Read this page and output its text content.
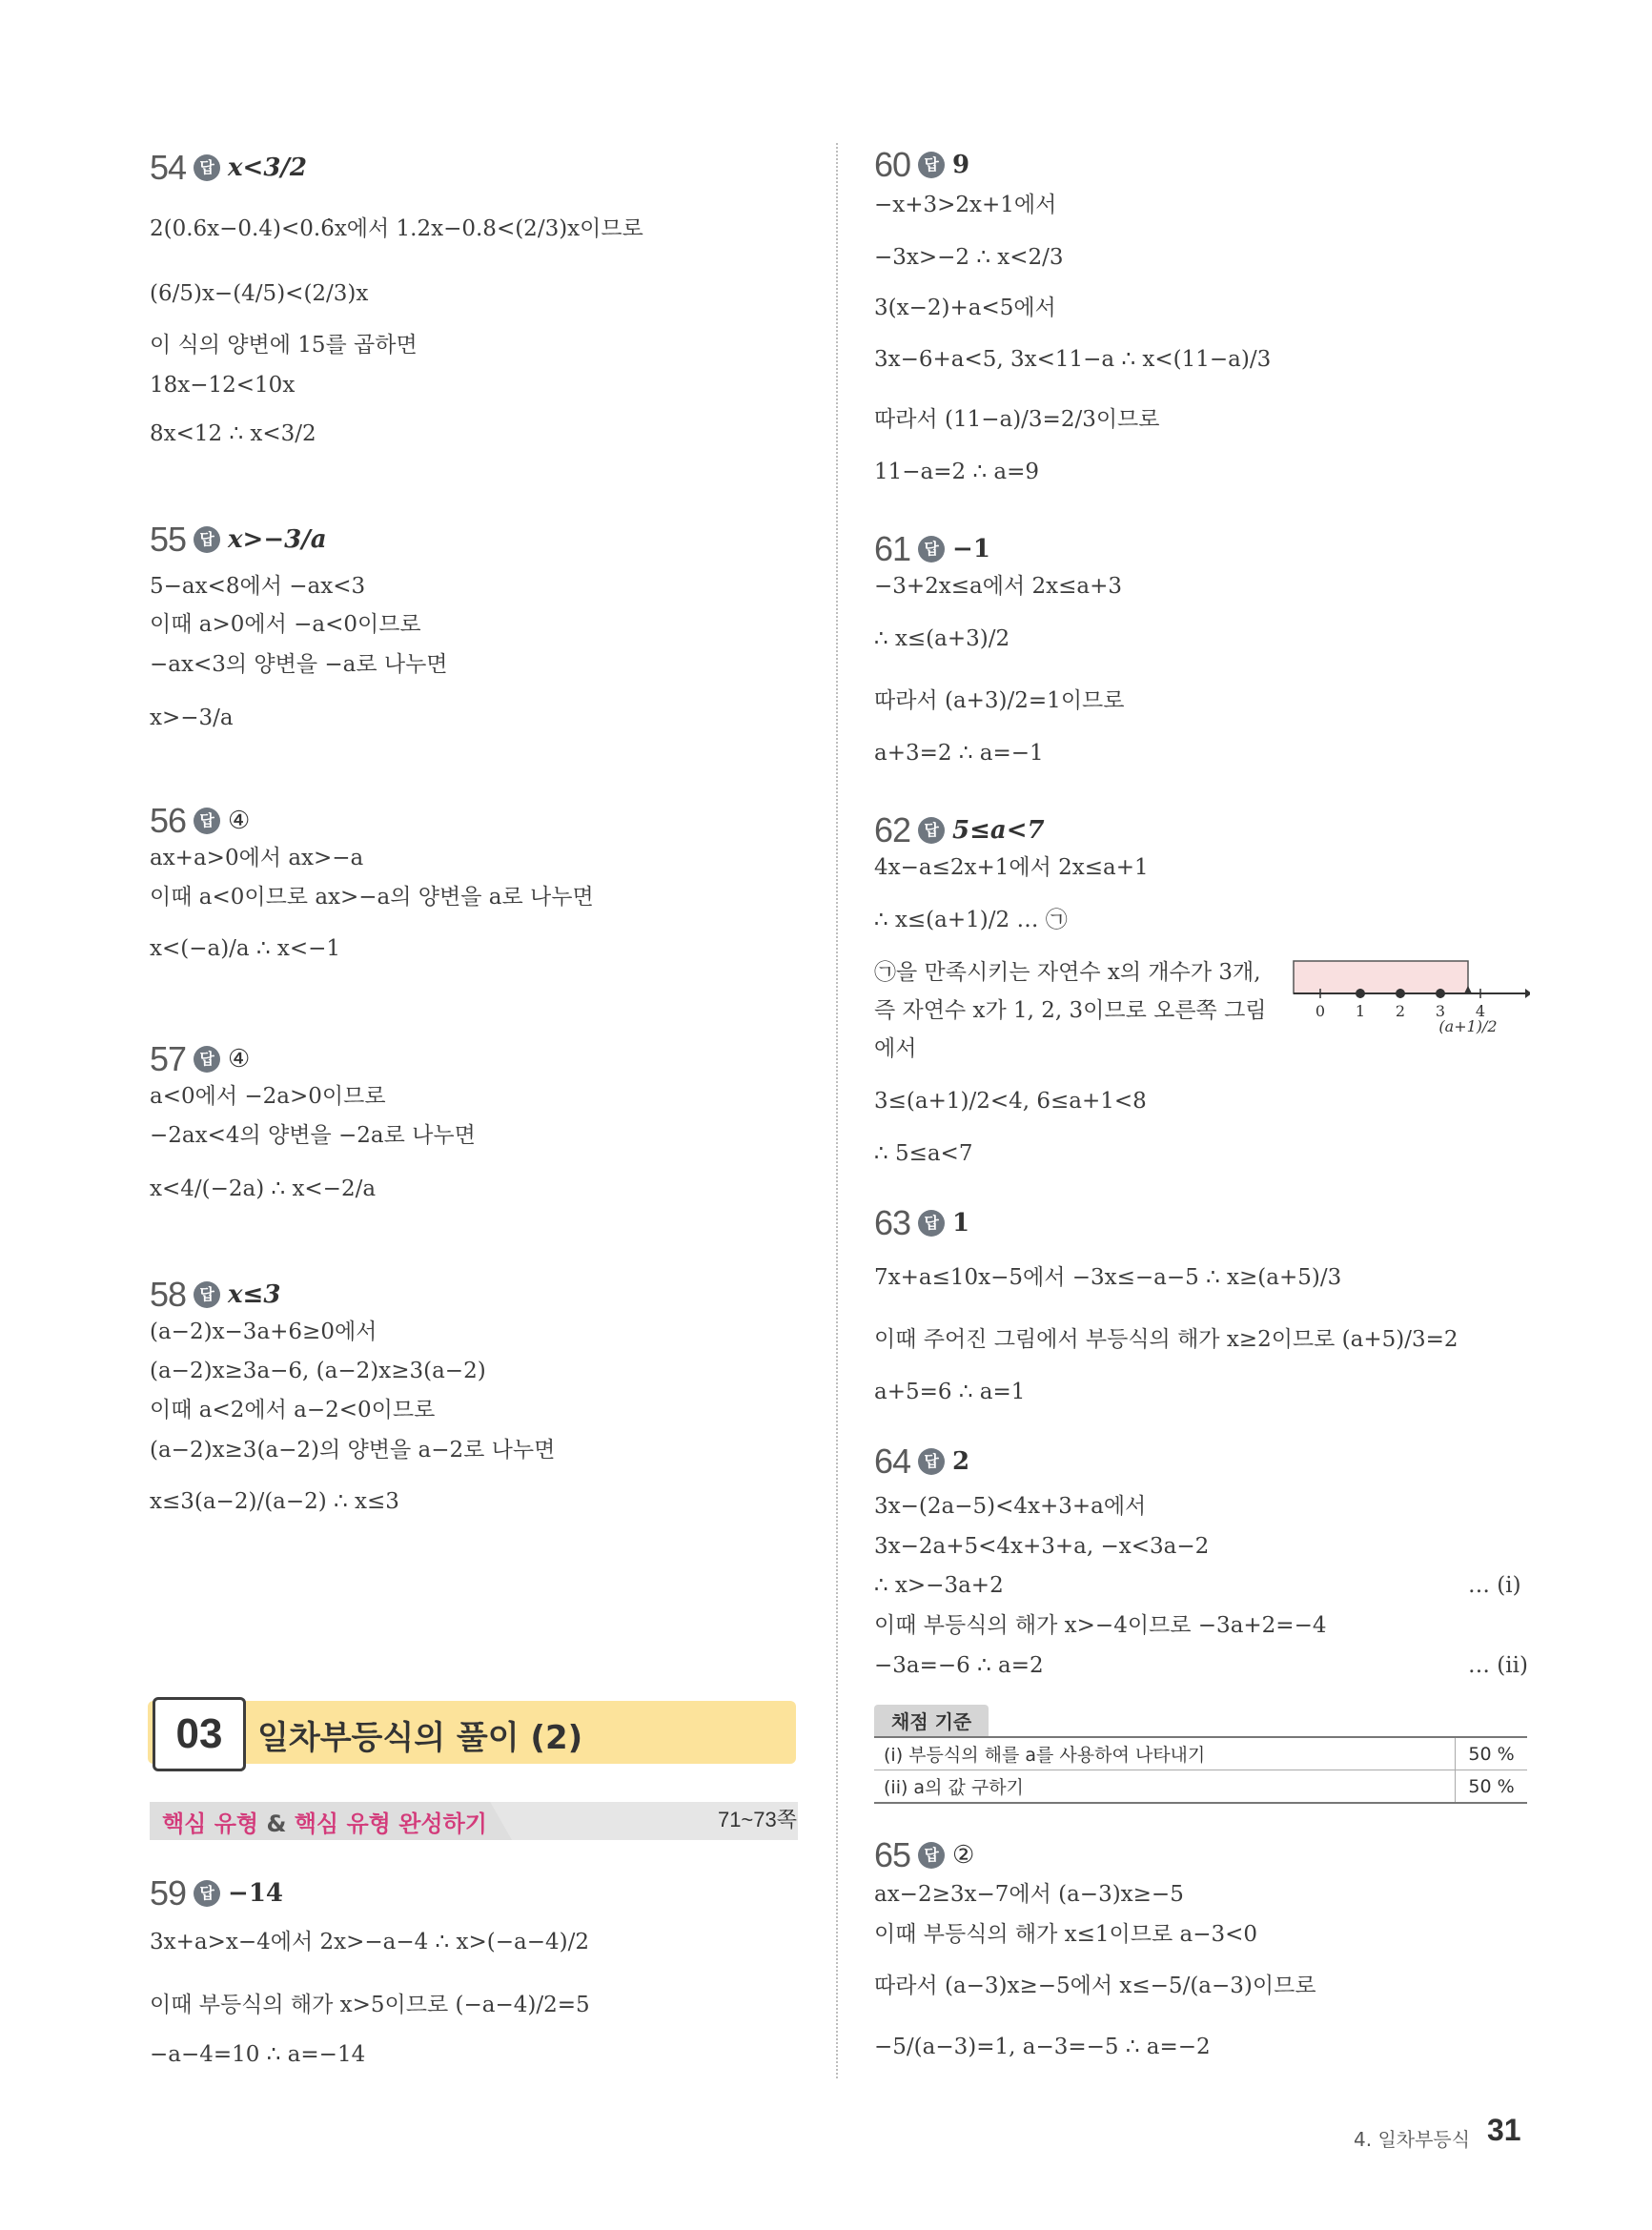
54 답 x<3/2
2(0.6x−0.4)<0.6̇x에서 1.2x−0.8<(2/3)x이므로
(6/5)x−(4/5)<(2/3)x
이 식의 양변에 15를 곱하면
18x−12<10x
8x<12 ∴ x<3/2
55 답 x>−3/a
5−ax<8에서 −ax<3
이때 a>0에서 −a<0이므로
−ax<3의 양변을 −a로 나누면
x>−3/a
56 답 ④
ax+a>0에서 ax>−a
이때 a<0이므로 ax>−a의 양변을 a로 나누면
x<(−a)/a ∴ x<−1
57 답 ④
a<0에서 −2a>0이므로
−2ax<4의 양변을 −2a로 나누면
x<4/(−2a) ∴ x<−2/a
58 답 x≤3
(a−2)x−3a+6≥0에서
(a−2)x≥3a−6, (a−2)x≥3(a−2)
이때 a<2에서 a−2<0이므로
(a−2)x≥3(a−2)의 양변을 a−2로 나누면
x≤3(a−2)/(a−2) ∴ x≤3
03	일차부등식의 풀이 (2)
핵심 유형 & 핵심 유형 완성하기	71~73쪽
59 답 −14
3x+a>x−4에서 2x>−a−4 ∴ x>(−a−4)/2
이때 부등식의 해가 x>5이므로 (−a−4)/2=5
−a−4=10 ∴ a=−14
60 답 9
−x+3>2x+1에서
−3x>−2 ∴ x<2/3
3(x−2)+a<5에서
3x−6+a<5, 3x<11−a ∴ x<(11−a)/3
따라서 (11−a)/3=2/3이므로
11−a=2 ∴ a=9
61 답 −1
−3+2x≤a에서 2x≤a+3
∴ x≤(a+3)/2
따라서 (a+3)/2=1이므로
a+3=2 ∴ a=−1
62 답 5≤a<7
4x−a≤2x+1에서 2x≤a+1
∴ x≤(a+1)/2 … ㉠
㉠을 만족시키는 자연수 x의 개수가 3개,
즉 자연수 x가 1, 2, 3이므로 오른쪽 그림
에서
3≤(a+1)/2<4, 6≤a+1<8
∴ 5≤a<7
0 1 2 3 4
(a+1)/2
63 답 1
7x+a≤10x−5에서 −3x≤−a−5 ∴ x≥(a+5)/3
이때 주어진 그림에서 부등식의 해가 x≥2이므로 (a+5)/3=2
a+5=6 ∴ a=1
64 답 2
3x−(2a−5)<4x+3+a에서
3x−2a+5<4x+3+a, −x<3a−2
∴ x>−3a+2	… (i)
이때 부등식의 해가 x>−4이므로 −3a+2=−4
−3a=−6 ∴ a=2	… (ii)
채점 기준
(i) 부등식의 해를 a를 사용하여 나타내기	50 %
(ii) a의 값 구하기	50 %
65 답 ②
ax−2≥3x−7에서 (a−3)x≥−5
이때 부등식의 해가 x≤1이므로 a−3<0
따라서 (a−3)x≥−5에서 x≤−5/(a−3)이므로
−5/(a−3)=1, a−3=−5 ∴ a=−2
4. 일차부등식 31
